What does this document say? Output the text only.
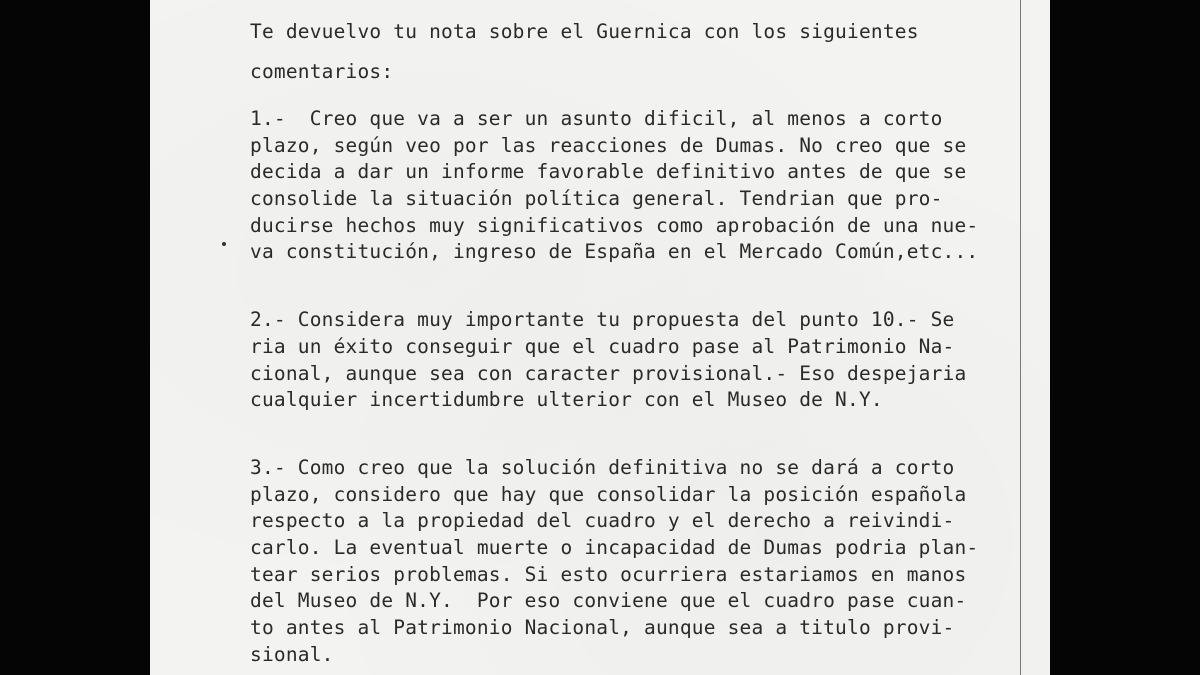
Te devuelvo tu nota sobre el Guernica con los siguientes
comentarios:
1.-  Creo que va a ser un asunto dificil, al menos a corto
plazo, según veo por las reacciones de Dumas. No creo que se
decida a dar un informe favorable definitivo antes de que se
consolide la situación política general. Tendrian que pro-
ducirse hechos muy significativos como aprobación de una nue-
va constitución, ingreso de España en el Mercado Común,etc...
2.- Considera muy importante tu propuesta del punto 10.- Se
ria un éxito conseguir que el cuadro pase al Patrimonio Na-
cional, aunque sea con caracter provisional.- Eso despejaria
cualquier incertidumbre ulterior con el Museo de N.Y.
3.- Como creo que la solución definitiva no se dará a corto
plazo, considero que hay que consolidar la posición española
respecto a la propiedad del cuadro y el derecho a reivindi-
carlo. La eventual muerte o incapacidad de Dumas podria plan-
tear serios problemas. Si esto ocurriera estariamos en manos
del Museo de N.Y.  Por eso conviene que el cuadro pase cuan-
to antes al Patrimonio Nacional, aunque sea a titulo provi-
sional.
